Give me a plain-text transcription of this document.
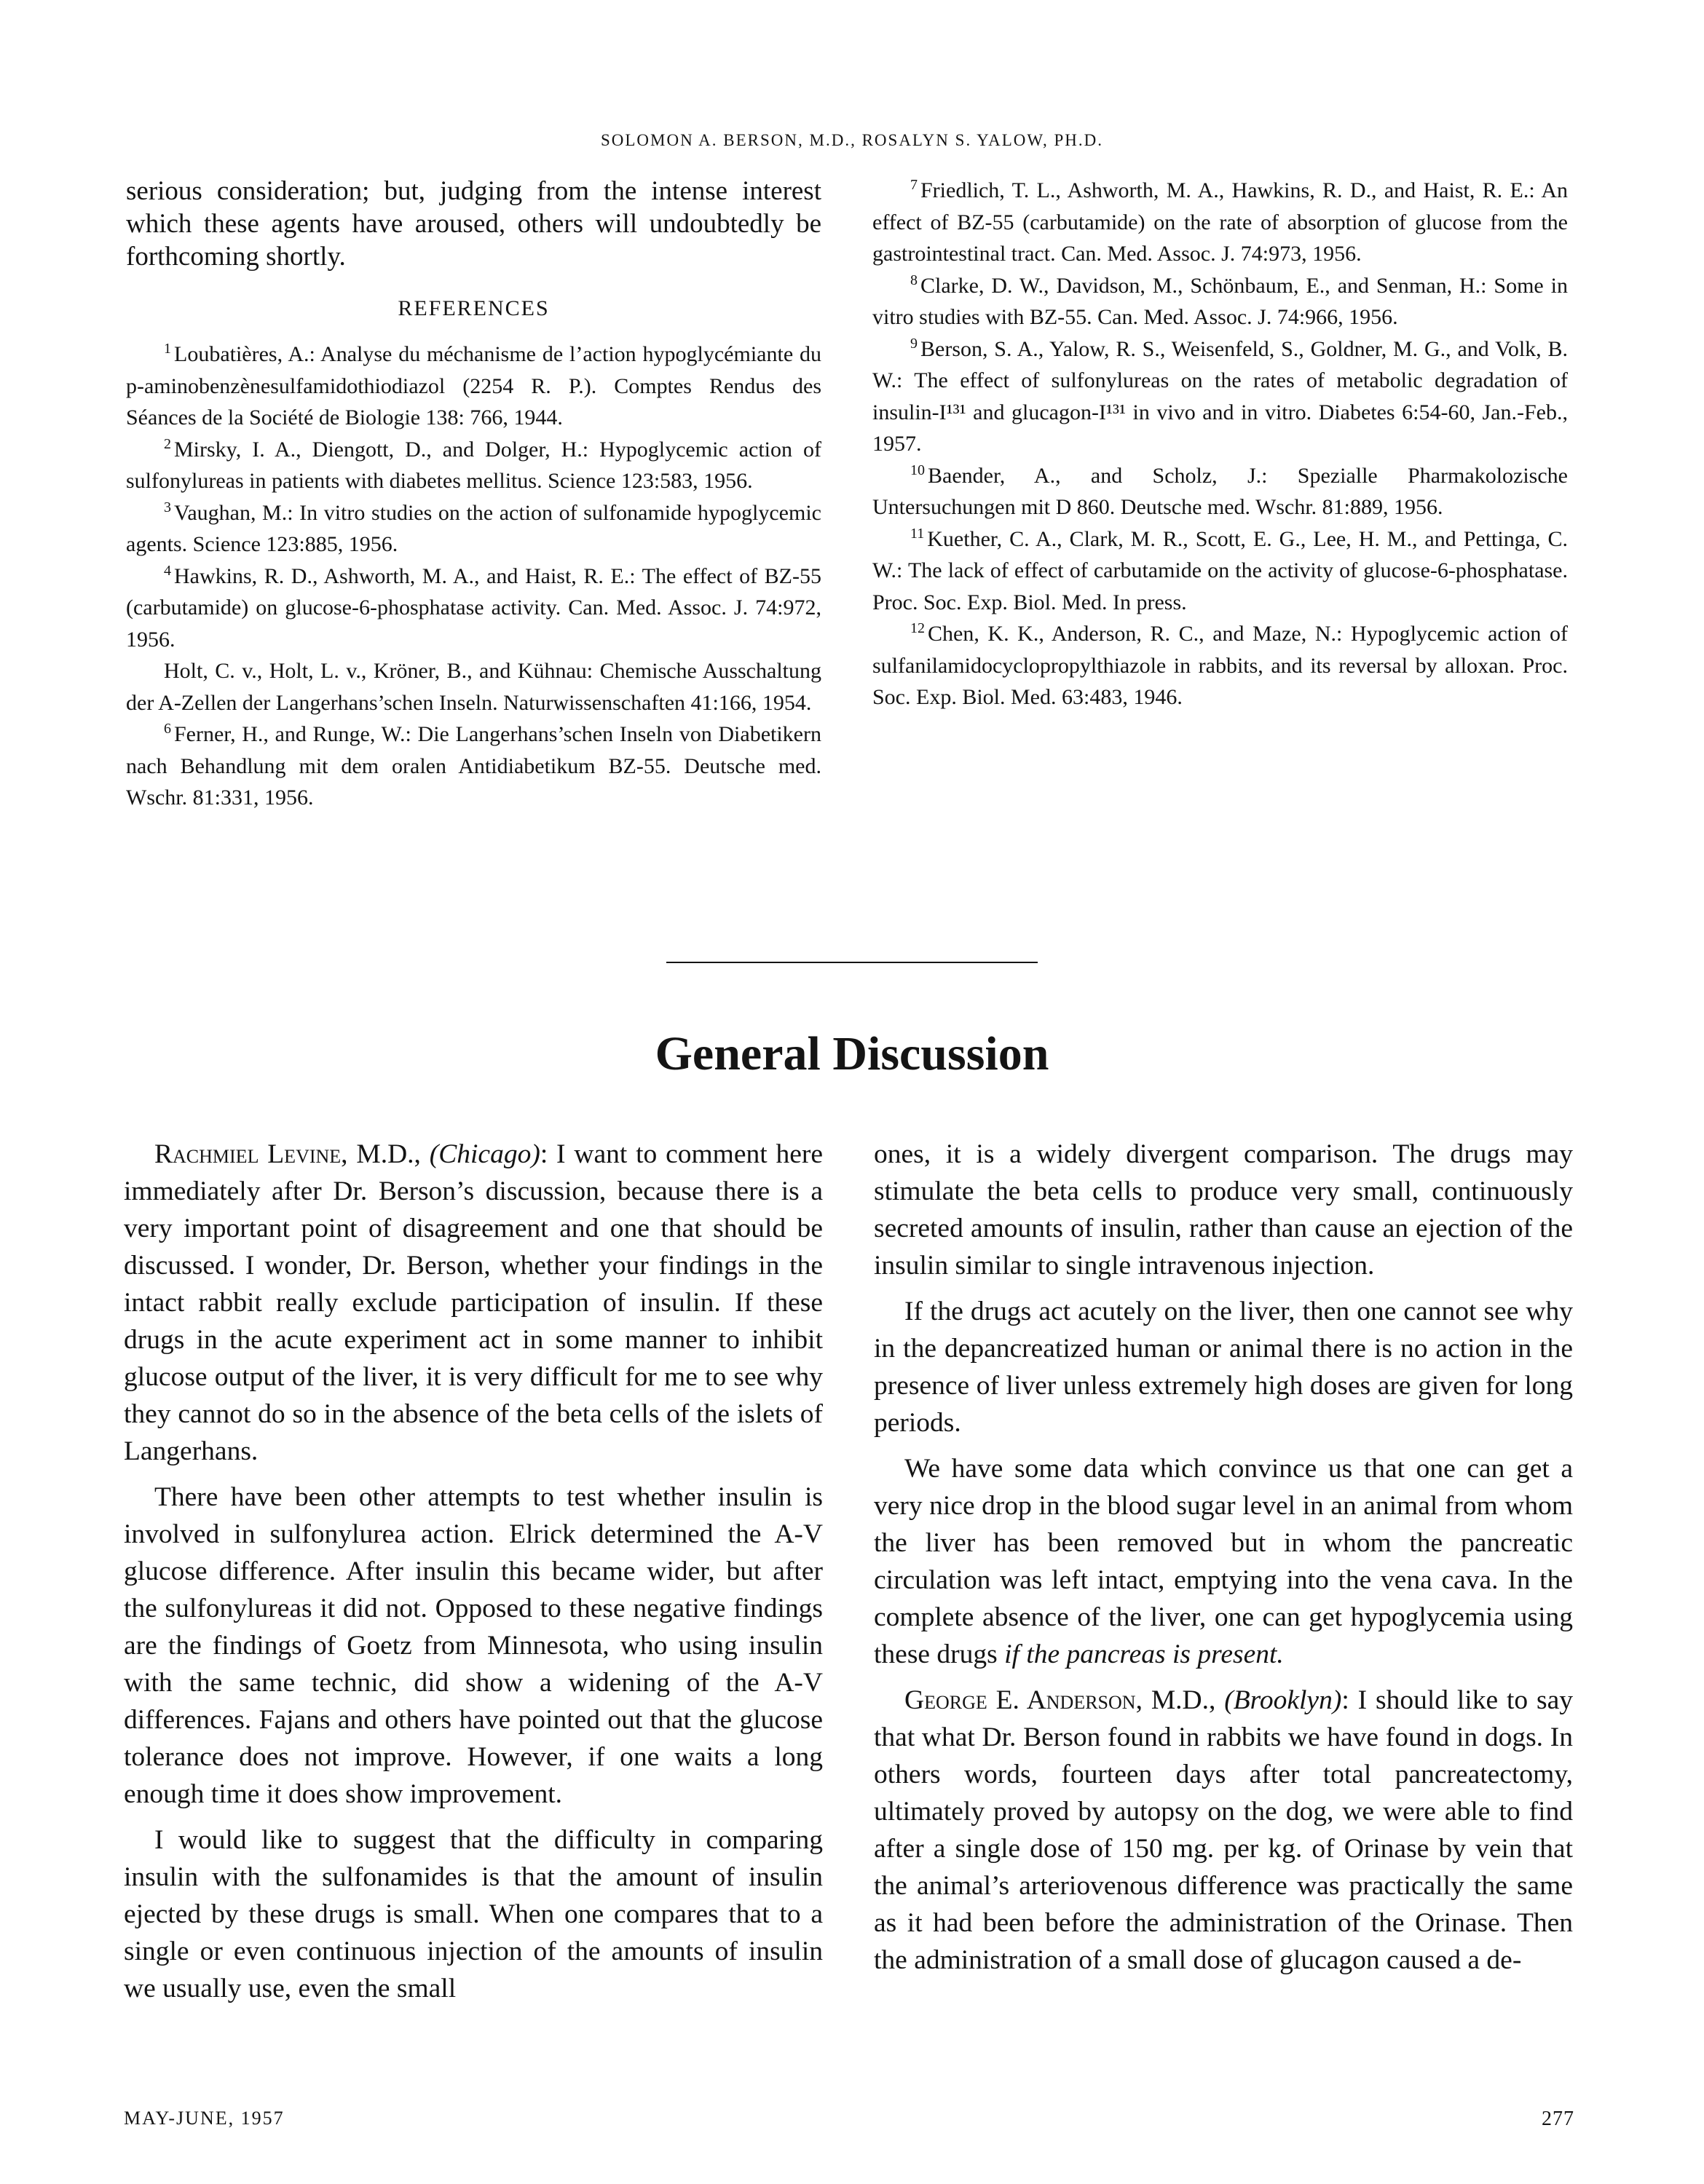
SOLOMON A. BERSON, M.D., ROSALYN S. YALOW, PH.D.

serious consideration; but, judging from the intense interest which these agents have aroused, others will undoubtedly be forthcoming shortly.

REFERENCES

$^1$ Loubatières, A.: Analyse du méchanisme de l’action hypoglycémiante du p-aminobenzènesulfamidothiodiazol (2254 R. P.). Comptes Rendus des Séances de la Société de Biologie 138: 766, 1944.

$^2$ Mirsky, I. A., Diengott, D., and Dolger, H.: Hypoglycemic action of sulfonylureas in patients with diabetes mellitus. Science 123:583, 1956.

$^3$ Vaughan, M.: In vitro studies on the action of sulfonamide hypoglycemic agents. Science 123:885, 1956.

$^4$ Hawkins, R. D., Ashworth, M. A., and Haist, R. E.: The effect of BZ-55 (carbutamide) on glucose-6-phosphatase activity. Can. Med. Assoc. J. 74:972, 1956.

Holt, C. v., Holt, L. v., Kröner, B., and Kühnau: Chemische Ausschaltung der A-Zellen der Langerhans’schen Inseln. Naturwissenschaften 41:166, 1954.

$^6$ Ferner, H., and Runge, W.: Die Langerhans’schen Inseln von Diabetikern nach Behandlung mit dem oralen Antidiabetikum BZ-55. Deutsche med. Wschr. 81:331, 1956.

$^7$ Friedlich, T. L., Ashworth, M. A., Hawkins, R. D., and Haist, R. E.: An effect of BZ-55 (carbutamide) on the rate of absorption of glucose from the gastrointestinal tract. Can. Med. Assoc. J. 74:973, 1956.

$^8$ Clarke, D. W., Davidson, M., Schönbaum, E., and Senman, H.: Some in vitro studies with BZ-55. Can. Med. Assoc. J. 74:966, 1956.

$^9$ Berson, S. A., Yalow, R. S., Weisenfeld, S., Goldner, M. G., and Volk, B. W.: The effect of sulfonylureas on the rates of metabolic degradation of insulin-I¹³¹ and glucagon-I¹³¹ in vivo and in vitro. Diabetes 6:54-60, Jan.-Feb., 1957.

$^{10}$ Baender, A., and Scholz, J.: Spezialle Pharmakolozische Untersuchungen mit D 860. Deutsche med. Wschr. 81:889, 1956.

$^{11}$ Kuether, C. A., Clark, M. R., Scott, E. G., Lee, H. M., and Pettinga, C. W.: The lack of effect of carbutamide on the activity of glucose-6-phosphatase. Proc. Soc. Exp. Biol. Med. In press.

$^{12}$ Chen, K. K., Anderson, R. C., and Maze, N.: Hypoglycemic action of sulfanilamidocyclopropylthiazole in rabbits, and its reversal by alloxan. Proc. Soc. Exp. Biol. Med. 63:483, 1946.

General Discussion

Rachmiel Levine, M.D., (Chicago): I want to comment here immediately after Dr. Berson’s discussion, because there is a very important point of disagreement and one that should be discussed. I wonder, Dr. Berson, whether your findings in the intact rabbit really exclude participation of insulin. If these drugs in the acute experiment act in some manner to inhibit glucose output of the liver, it is very difficult for me to see why they cannot do so in the absence of the beta cells of the islets of Langerhans.

There have been other attempts to test whether insulin is involved in sulfonylurea action. Elrick determined the A-V glucose difference. After insulin this became wider, but after the sulfonylureas it did not. Opposed to these negative findings are the findings of Goetz from Minnesota, who using insulin with the same technic, did show a widening of the A-V differences. Fajans and others have pointed out that the glucose tolerance does not improve. However, if one waits a long enough time it does show improvement.

I would like to suggest that the difficulty in comparing insulin with the sulfonamides is that the amount of insulin ejected by these drugs is small. When one compares that to a single or even continuous injection of the amounts of insulin we usually use, even the small

ones, it is a widely divergent comparison. The drugs may stimulate the beta cells to produce very small, continuously secreted amounts of insulin, rather than cause an ejection of the insulin similar to single intravenous injection.

If the drugs act acutely on the liver, then one cannot see why in the depancreatized human or animal there is no action in the presence of liver unless extremely high doses are given for long periods.

We have some data which convince us that one can get a very nice drop in the blood sugar level in an animal from whom the liver has been removed but in whom the pancreatic circulation was left intact, emptying into the vena cava. In the complete absence of the liver, one can get hypoglycemia using these drugs if the pancreas is present.

George E. Anderson, M.D., (Brooklyn): I should like to say that what Dr. Berson found in rabbits we have found in dogs. In others words, fourteen days after total pancreatectomy, ultimately proved by autopsy on the dog, we were able to find after a single dose of 150 mg. per kg. of Orinase by vein that the animal’s arteriovenous difference was practically the same as it had been before the administration of the Orinase. Then the administration of a small dose of glucagon caused a de-

MAY-JUNE, 1957	277
